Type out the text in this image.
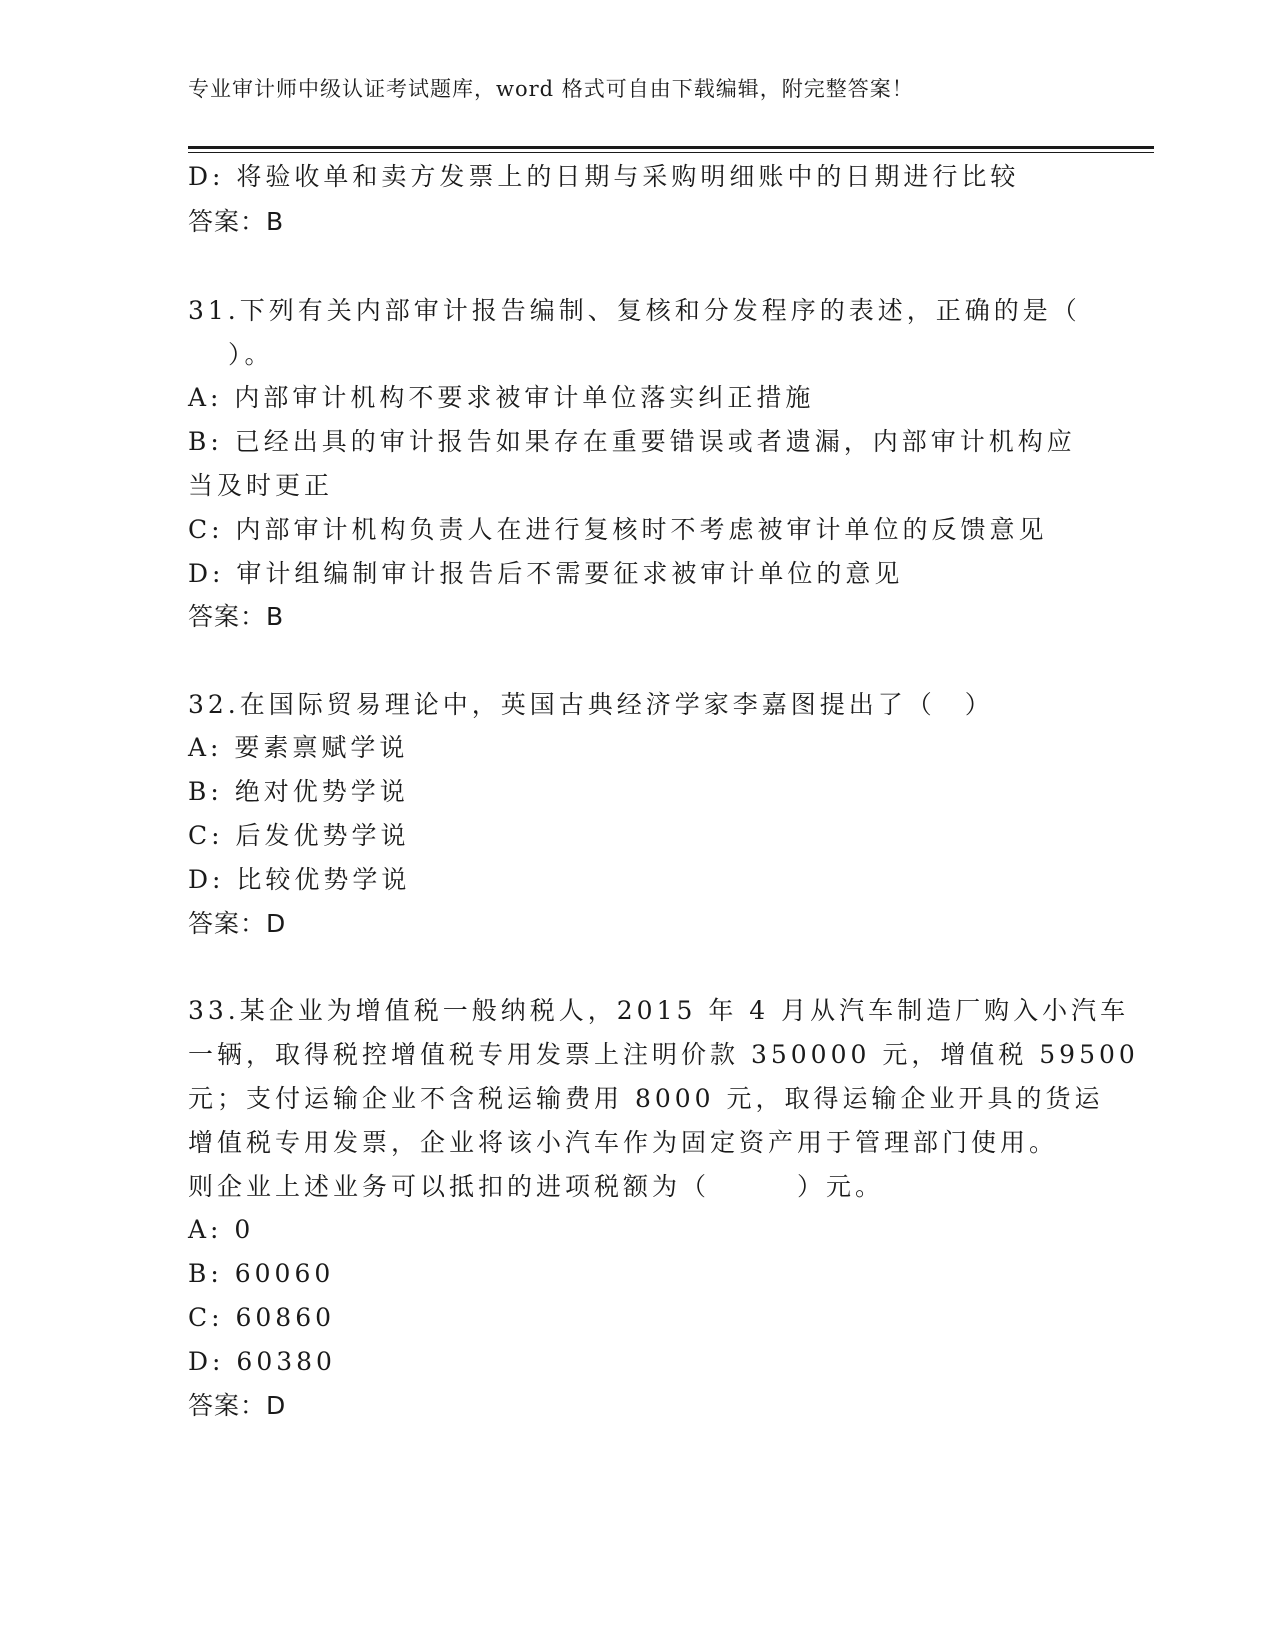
专业审计师中级认证考试题库，word 格式可自由下载编辑，附完整答案！
D: 将验收单和卖方发票上的日期与采购明细账中的日期进行比较
答案：B
31.下列有关内部审计报告编制、复核和分发程序的表述，正确的是（
）。
A: 内部审计机构不要求被审计单位落实纠正措施
B: 已经出具的审计报告如果存在重要错误或者遗漏，内部审计机构应
当及时更正
C: 内部审计机构负责人在进行复核时不考虑被审计单位的反馈意见
D: 审计组编制审计报告后不需要征求被审计单位的意见
答案：B
32.在国际贸易理论中，英国古典经济学家李嘉图提出了（　）
A: 要素禀赋学说
B: 绝对优势学说
C: 后发优势学说
D: 比较优势学说
答案：D
33.某企业为增值税一般纳税人，2015 年 4 月从汽车制造厂购入小汽车
一辆，取得税控增值税专用发票上注明价款 350000 元，增值税 59500
元；支付运输企业不含税运输费用 8000 元，取得运输企业开具的货运
增值税专用发票，企业将该小汽车作为固定资产用于管理部门使用。
则企业上述业务可以抵扣的进项税额为（　　　）元。
A: 0
B: 60060
C: 60860
D: 60380
答案：D
